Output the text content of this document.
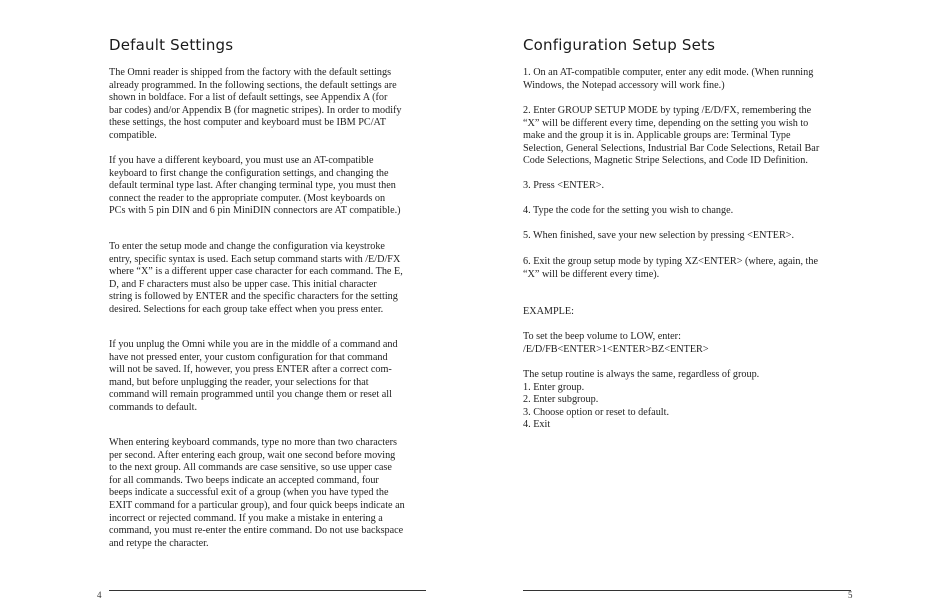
Default Settings

The Omni reader is shipped from the factory with the default settings
already programmed. In the following sections, the default settings are
shown in boldface. For a list of default settings, see Appendix A (for
bar codes) and/or Appendix B (for magnetic stripes). In order to modify
these settings, the host computer and keyboard must be IBM PC/AT
compatible.

If you have a different keyboard, you must use an AT-compatible
keyboard to first change the configuration settings, and changing the
default terminal type last. After changing terminal type, you must then
connect the reader to the appropriate computer. (Most keyboards on
PCs with 5 pin DIN and 6 pin MiniDIN connectors are AT compatible.)

To enter the setup mode and change the configuration via keystroke
entry, specific syntax is used. Each setup command starts with /E/D/FX
where “X” is a different upper case character for each command. The E,
D, and F characters must also be upper case. This initial character
string is followed by ENTER and the specific characters for the setting
desired. Selections for each group take effect when you press enter.

If you unplug the Omni while you are in the middle of a command and
have not pressed enter, your custom configuration for that command
will not be saved. If, however, you press ENTER after a correct com-
mand, but before unplugging the reader, your selections for that
command will remain programmed until you change them or reset all
commands to default.

When entering keyboard commands, type no more than two characters
per second. After entering each group, wait one second before moving
to the next group. All commands are case sensitive, so use upper case
for all commands. Two beeps indicate an accepted command, four
beeps indicate a successful exit of a group (when you have typed the
EXIT command for a particular group), and four quick beeps indicate an
incorrect or rejected command. If you make a mistake in entering a
command, you must re-enter the entire command. Do not use backspace
and retype the character.

4
Configuration Setup Sets

1. On an AT-compatible computer, enter any edit mode. (When running
Windows, the Notepad accessory will work fine.)

2. Enter GROUP SETUP MODE by typing /E/D/FX, remembering the
“X” will be different every time, depending on the setting you wish to
make and the group it is in. Applicable groups are: Terminal Type
Selection, General Selections, Industrial Bar Code Selections, Retail Bar
Code Selections, Magnetic Stripe Selections, and Code ID Definition.

3. Press <ENTER>.

4. Type the code for the setting you wish to change.

5. When finished, save your new selection by pressing <ENTER>.

6. Exit the group setup mode by typing XZ<ENTER> (where, again, the
“X” will be different every time).

EXAMPLE:

To set the beep volume to LOW, enter:
/E/D/FB<ENTER>1<ENTER>BZ<ENTER>

The setup routine is always the same, regardless of group.
1. Enter group.
2. Enter subgroup.
3. Choose option or reset to default.
4. Exit

5
